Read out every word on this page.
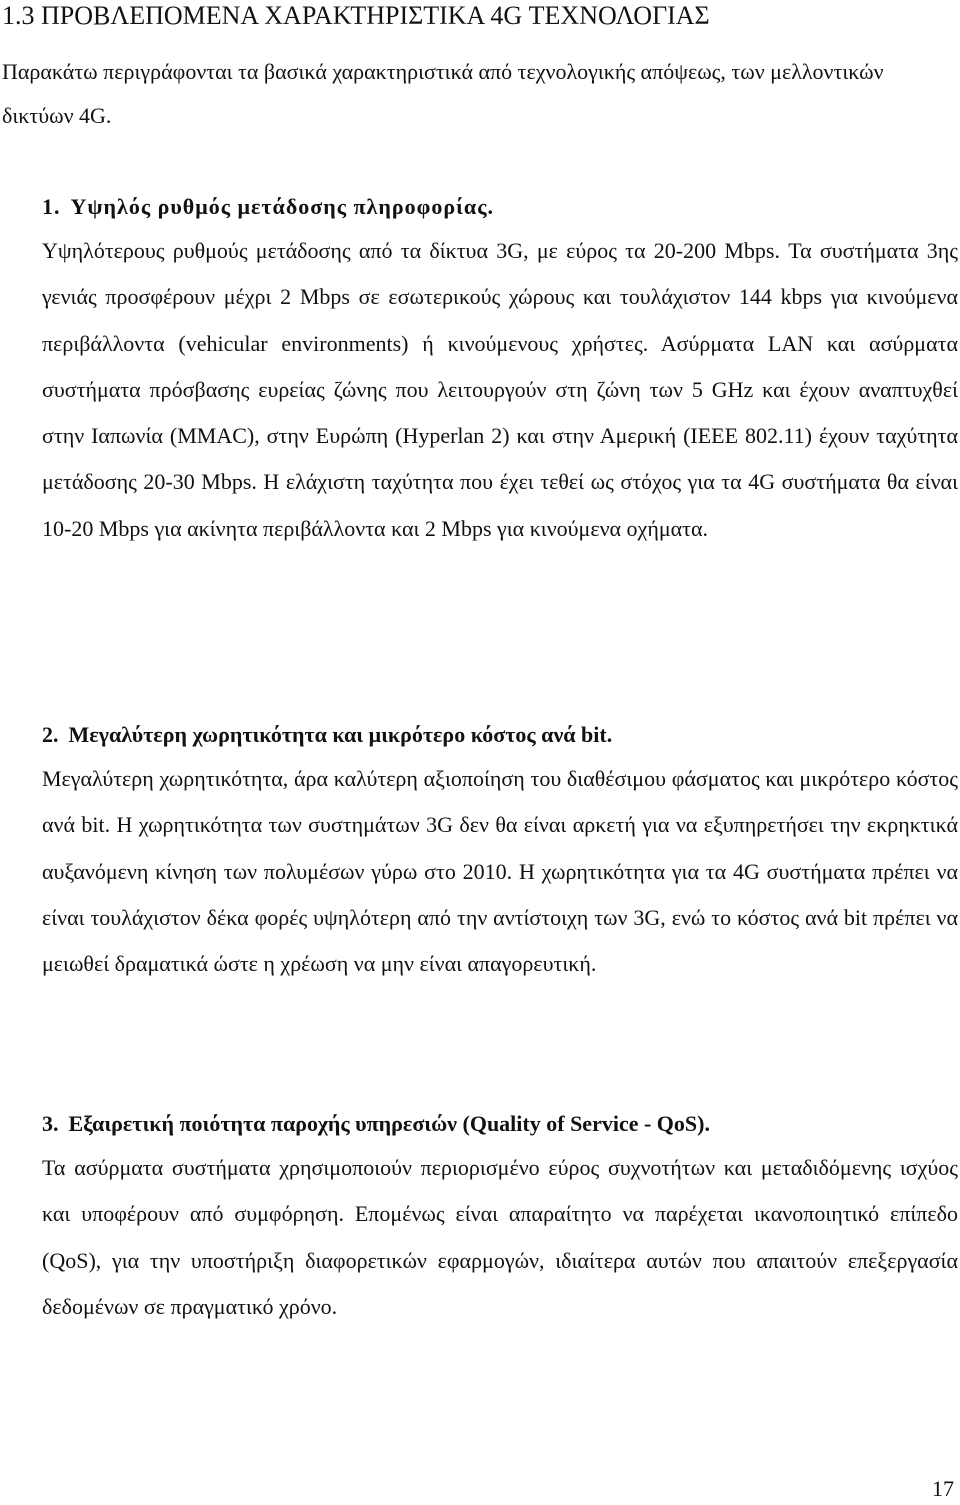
1.3 ΠΡΟΒΛΕΠΟΜΕΝΑ ΧΑΡΑΚΤΗΡΙΣΤΙΚΑ 4G ΤΕΧΝΟΛΟΓΙΑΣ

Παρακάτω περιγράφονται τα βασικά χαρακτηριστικά από τεχνολογικής απόψεως, των μελλοντικών δικτύων 4G.

1. Υψηλός ρυθμός μετάδοσης πληροφορίας.

Υψηλότερους ρυθμούς μετάδοσης από τα δίκτυα 3G, με εύρος τα 20-200 Mbps. Τα συστήματα 3ης γενιάς προσφέρουν μέχρι 2 Mbps σε εσωτερικούς χώρους και τουλάχιστον 144 kbps για κινούμενα περιβάλλοντα (vehicular environments) ή κινούμενους χρήστες. Ασύρματα LAN και ασύρματα συστήματα πρόσβασης ευρείας ζώνης που λειτουργούν στη ζώνη των 5 GHz και έχουν αναπτυχθεί στην Ιαπωνία (MMAC), στην Ευρώπη (Hyperlan 2) και στην Αμερική (IEEE 802.11) έχουν ταχύτητα μετάδοσης 20-30 Mbps. Η ελάχιστη ταχύτητα που έχει τεθεί ως στόχος για τα 4G συστήματα θα είναι 10-20 Mbps για ακίνητα περιβάλλοντα και 2 Mbps για κινούμενα οχήματα.

2. Μεγαλύτερη χωρητικότητα και μικρότερο κόστος ανά bit.

Μεγαλύτερη χωρητικότητα, άρα καλύτερη αξιοποίηση του διαθέσιμου φάσματος και μικρότερο κόστος ανά bit. Η χωρητικότητα των συστημάτων 3G δεν θα είναι αρκετή για να εξυπηρετήσει την εκρηκτικά αυξανόμενη κίνηση των πολυμέσων γύρω στο 2010. Η χωρητικότητα για τα 4G συστήματα πρέπει να είναι τουλάχιστον δέκα φορές υψηλότερη από την αντίστοιχη των 3G, ενώ το κόστος ανά bit πρέπει να μειωθεί δραματικά ώστε η χρέωση να μην είναι απαγορευτική.

3. Εξαιρετική ποιότητα παροχής υπηρεσιών (Quality of Service - QoS).

Τα ασύρματα συστήματα χρησιμοποιούν περιορισμένο εύρος συχνοτήτων και μεταδιδόμενης ισχύος και υποφέρουν από συμφόρηση. Επομένως είναι απαραίτητο να παρέχεται ικανοποιητικό επίπεδο (QoS), για την υποστήριξη διαφορετικών εφαρμογών, ιδιαίτερα αυτών που απαιτούν επεξεργασία δεδομένων σε πραγματικό χρόνο.

17
